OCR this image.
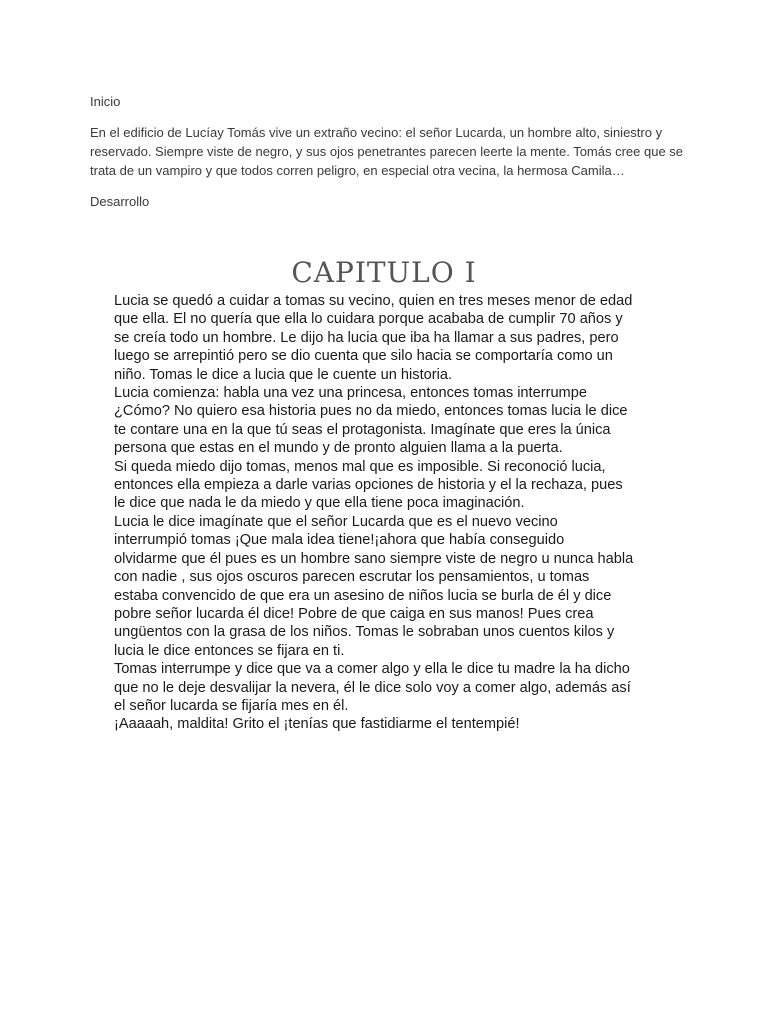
Inicio
En el edificio de Lucíay Tomás vive un extraño vecino: el señor Lucarda, un hombre alto, siniestro y
reservado. Siempre viste de negro, y sus ojos penetrantes parecen leerte la mente. Tomás cree que se
trata de un vampiro y que todos corren peligro, en especial otra vecina, la hermosa Camila…
Desarrollo
CAPITULO I
Lucia se quedó a cuidar a tomas su vecino, quien en tres meses menor de edad
que ella. El no quería que ella lo cuidara porque acababa de cumplir 70 años y
se creía todo un hombre. Le dijo ha lucia que iba ha llamar a sus padres, pero
luego se arrepintió pero se dio cuenta que silo hacia se comportaría como un
niño. Tomas le dice a lucia que le cuente un historia.
Lucia comienza: habla una vez una princesa, entonces tomas interrumpe
¿Cómo? No quiero esa historia pues no da miedo, entonces tomas lucia le dice
te contare una en la que tú seas el protagonista. Imagínate que eres la única
persona que estas en el mundo y de pronto alguien llama a la puerta.
Si queda miedo dijo tomas, menos mal que es imposible. Si reconoció lucia,
entonces ella empieza a darle varias opciones de historia y el la rechaza, pues
le dice que nada le da miedo y que ella tiene poca imaginación.
Lucia le dice imagínate que el señor Lucarda que es el nuevo vecino
interrumpió tomas ¡Que mala idea tiene!¡ahora que había conseguido
olvidarme que él pues es un hombre sano siempre viste de negro u nunca habla
con nadie , sus ojos oscuros parecen escrutar los pensamientos, u tomas
estaba convencido de que era un asesino de niños lucia se burla de él y dice
pobre señor lucarda él dice! Pobre de que caiga en sus manos! Pues crea
ungüentos con la grasa de los niños. Tomas le sobraban unos cuentos kilos y
lucia le dice entonces se fijara en ti.
Tomas interrumpe y dice que va a comer algo y ella le dice tu madre la ha dicho
que no le deje desvalijar la nevera, él le dice solo voy a comer algo, además así
el señor lucarda se fijaría mes en él.
¡Aaaaah, maldita! Grito el ¡tenías que fastidiarme el tentempié!
